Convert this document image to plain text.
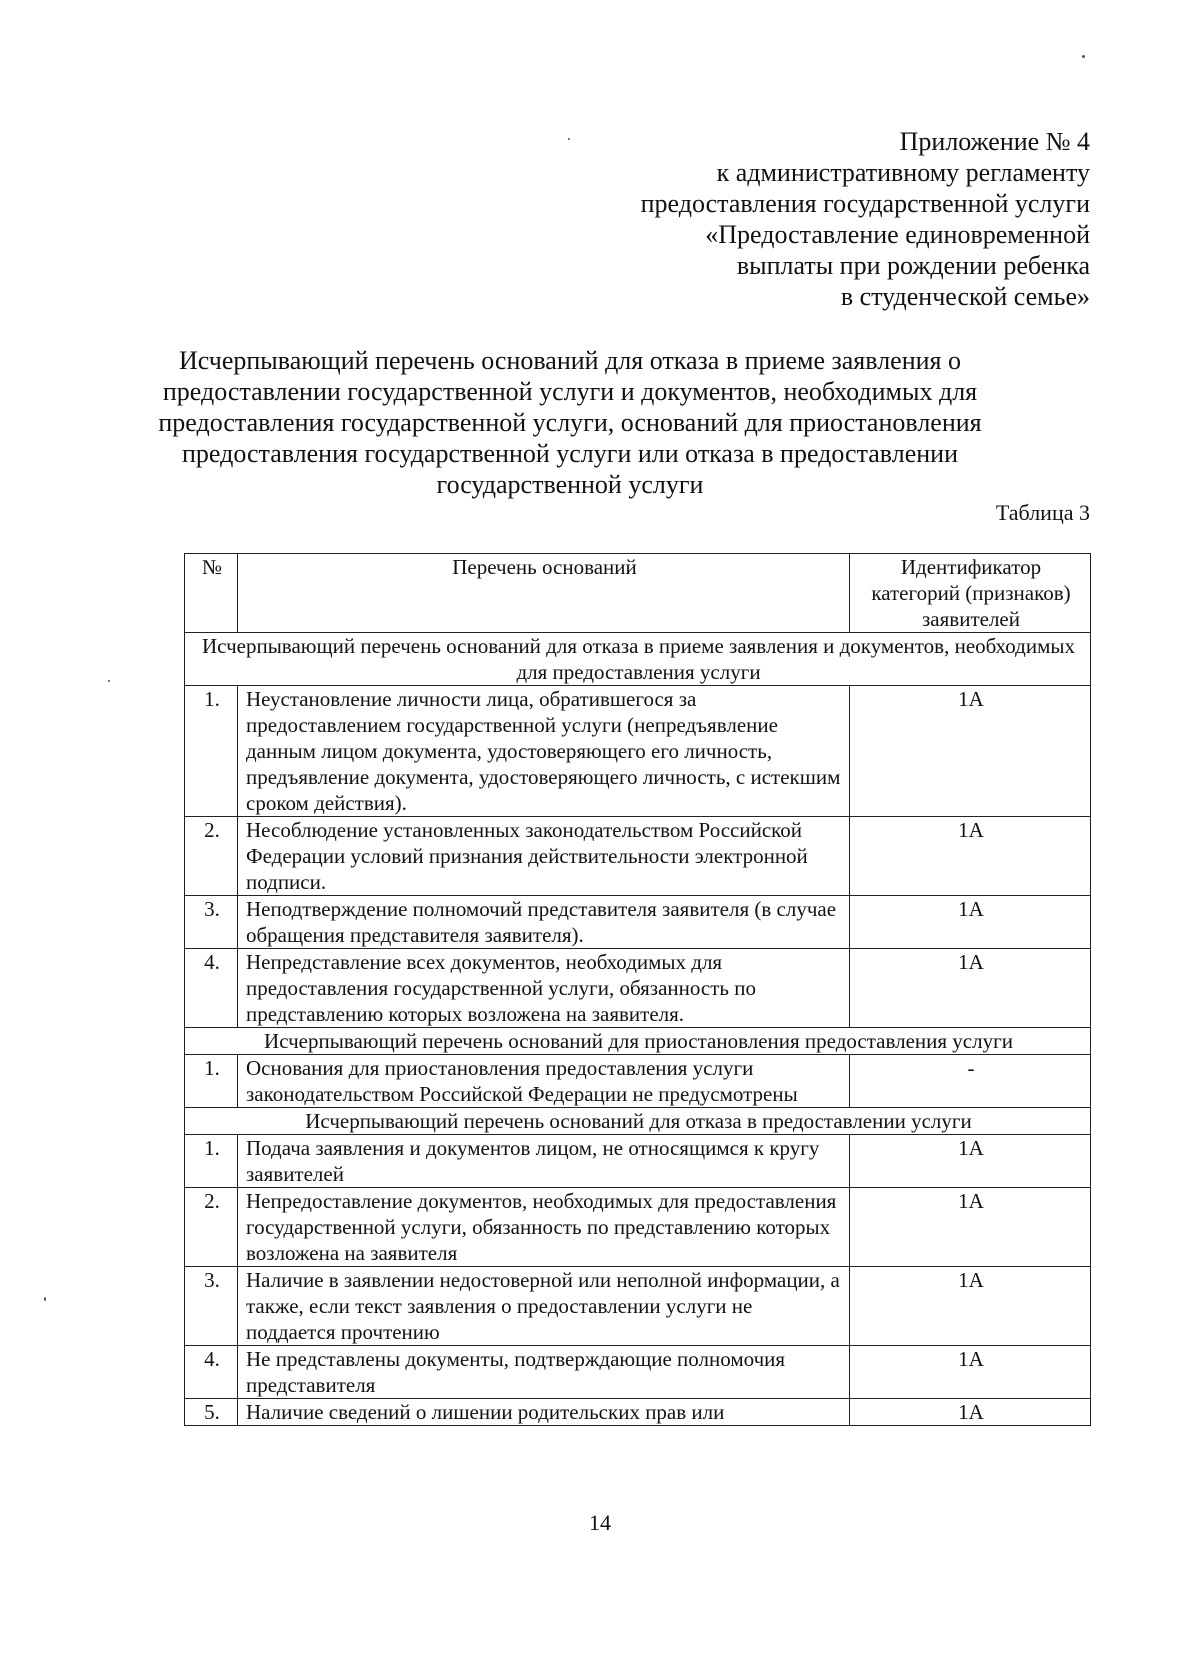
Приложение № 4
к административному регламенту
предоставления государственной услуги
«Предоставление единовременной
выплаты при рождении ребенка
в студенческой семье»
Исчерпывающий перечень оснований для отказа в приеме заявления о
предоставлении государственной услуги и документов, необходимых для
предоставления государственной услуги, оснований для приостановления
предоставления государственной услуги или отказа в предоставлении
государственной услуги
Таблица 3
№	Перечень оснований	Идентификатор категорий (признаков) заявителей
Исчерпывающий перечень оснований для отказа в приеме заявления и документов, необходимых для предоставления услуги		
1.	Неустановление личности лица, обратившегося за предоставлением государственной услуги (непредъявление данным лицом документа, удостоверяющего его личность, предъявление документа, удостоверяющего личность, с истекшим сроком действия).	1А
2.	Несоблюдение установленных законодательством Российской Федерации условий признания действительности электронной подписи.	1А
3.	Неподтверждение полномочий представителя заявителя (в случае обращения представителя заявителя).	1А
4.	Непредставление всех документов, необходимых для предоставления государственной услуги, обязанность по представлению которых возложена на заявителя.	1А
Исчерпывающий перечень оснований для приостановления предоставления услуги		
1.	Основания для приостановления предоставления услуги законодательством Российской Федерации не предусмотрены	-
Исчерпывающий перечень оснований для отказа в предоставлении услуги		
1.	Подача заявления и документов лицом, не относящимся к кругу заявителей	1А
2.	Непредоставление документов, необходимых для предоставления государственной услуги, обязанность по представлению которых возложена на заявителя	1А
3.	Наличие в заявлении недостоверной или неполной информации, а также, если текст заявления о предоставлении услуги не поддается прочтению	1А
4.	Не представлены документы, подтверждающие полномочия представителя	1А
5.	Наличие сведений о лишении родительских прав или	1А
14
